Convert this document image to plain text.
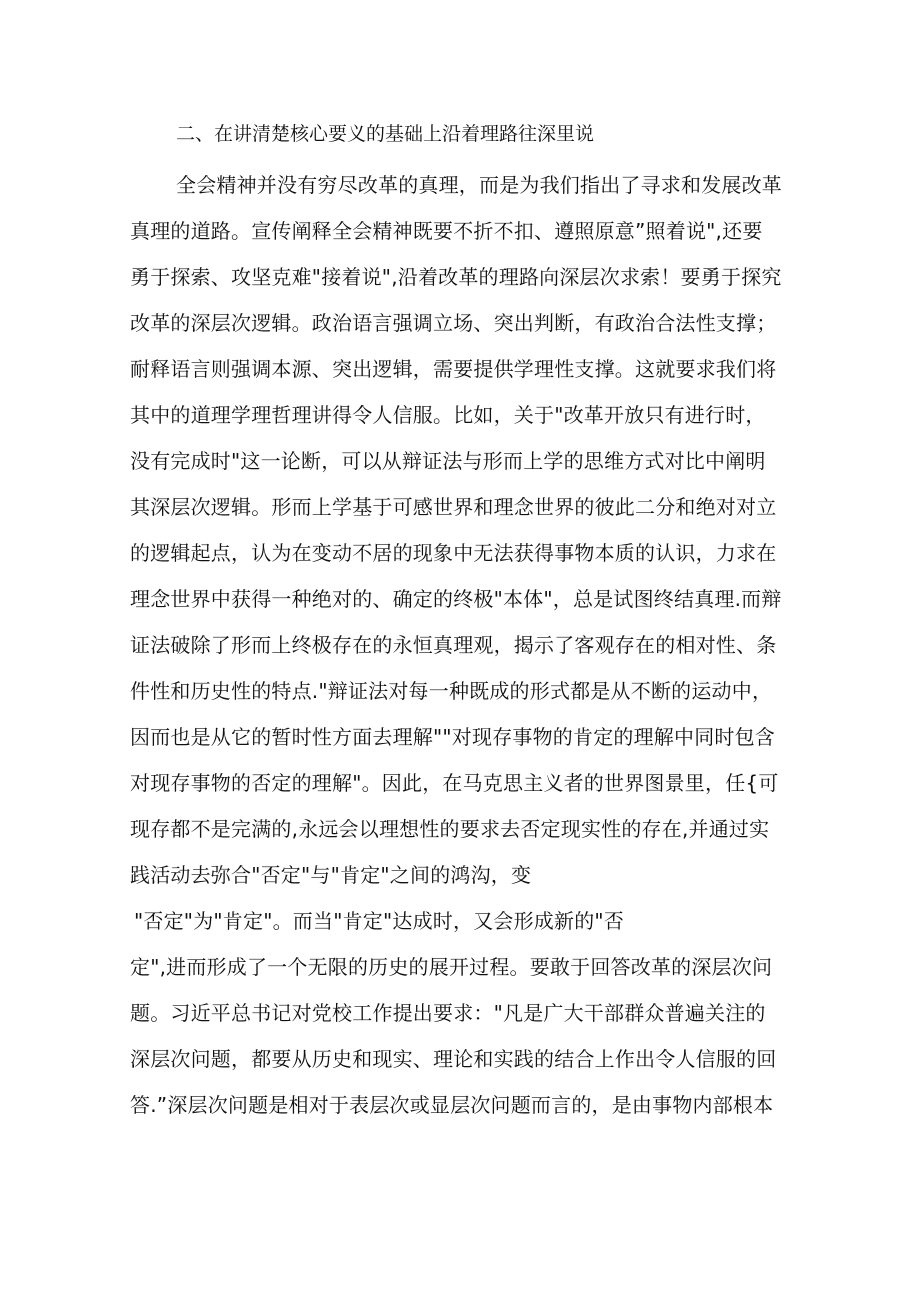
二、在讲清楚核心要义的基础上沿着理路往深里说
全会精神并没有穷尽改革的真理，而是为我们指出了寻求和发展改革
真理的道路。宣传阐释全会精神既要不折不扣、遵照原意”照着说",还要
勇于探索、攻坚克难"接着说",沿着改革的理路向深层次求索！要勇于探究
改革的深层次逻辑。政治语言强调立场、突出判断，有政治合法性支撑；
耐释语言则强调本源、突出逻辑，需要提供学理性支撑。这就要求我们将
其中的道理学理哲理讲得令人信服。比如，关于"改革开放只有进行时，
没有完成时"这一论断，可以从辩证法与形而上学的思维方式对比中阐明
其深层次逻辑。形而上学基于可感世界和理念世界的彼此二分和绝对对立
的逻辑起点，认为在变动不居的现象中无法获得事物本质的认识，力求在
理念世界中获得一种绝对的、确定的终极"本体"，总是试图终结真理.而辩
证法破除了形而上终极存在的永恒真理观，揭示了客观存在的相对性、条
件性和历史性的特点."辩证法对每一种既成的形式都是从不断的运动中，
因而也是从它的暂时性方面去理解""对现存事物的肯定的理解中同时包含
对现存事物的否定的理解"。因此，在马克思主义者的世界图景里，任{可
现存都不是完满的,永远会以理想性的要求去否定现实性的存在,并通过实
践活动去弥合"否定"与"肯定"之间的鸿沟，变
"否定"为"肯定"。而当"肯定"达成时，又会形成新的"否
定",进而形成了一个无限的历史的展开过程。要敢于回答改革的深层次问
题。习近平总书记对党校工作提出要求："凡是广大干部群众普遍关注的
深层次问题，都要从历史和现实、理论和实践的结合上作出令人信服的回
答.”深层次问题是相对于表层次或显层次问题而言的，是由事物内部根本
